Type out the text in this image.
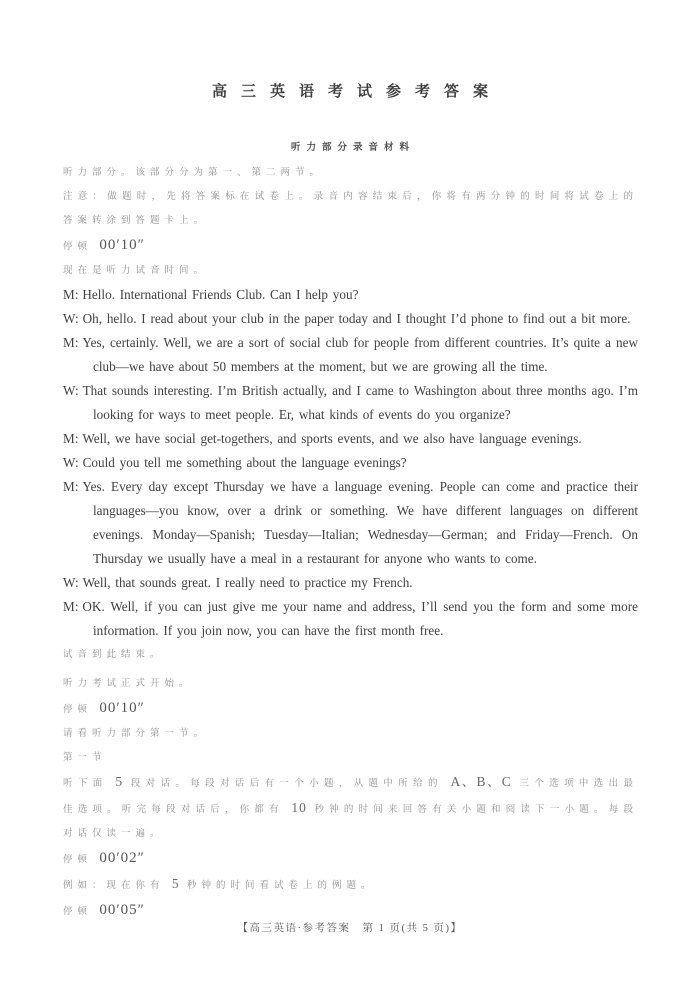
高三英语考试参考答案
听力部分录音材料

听力部分。该部分分为第一、第二两节。

注意：做题时，先将答案标在试卷上。录音内容结束后，你将有两分钟的时间将试卷上的答案转涂到答题卡上。

停顿 00′10″

现在是听力试音时间。

M: Hello. International Friends Club. Can I help you?

W: Oh, hello. I read about your club in the paper today and I thought I’d phone to find out a bit more.

M: Yes, certainly. Well, we are a sort of social club for people from different countries. It’s quite a new club—we have about 50 members at the moment, but we are growing all the time.

W: That sounds interesting. I’m British actually, and I came to Washington about three months ago. I’m looking for ways to meet people. Er, what kinds of events do you organize?

M: Well, we have social get-togethers, and sports events, and we also have language evenings.

W: Could you tell me something about the language evenings?

M: Yes. Every day except Thursday we have a language evening. People can come and practice their languages—you know, over a drink or something. We have different languages on different evenings. Monday—Spanish; Tuesday—Italian; Wednesday—German; and Friday—French. On Thursday we usually have a meal in a restaurant for anyone who wants to come.

W: Well, that sounds great. I really need to practice my French.

M: OK. Well, if you can just give me your name and address, I’ll send you the form and some more information. If you join now, you can have the first month free.

试音到此结束。

听力考试正式开始。

停顿 00′10″

请看听力部分第一节。

第一节

听下面 5 段对话。每段对话后有一个小题，从题中所给的 A、B、C 三个选项中选出最佳选项。听完每段对话后，你都有 10 秒钟的时间来回答有关小题和阅读下一小题。每段对话仅读一遍。

停顿 00′02″

例如：现在你有 5 秒钟的时间看试卷上的例题。

停顿 00′05″

【高三英语·参考答案　第 1 页(共 5 页)】
